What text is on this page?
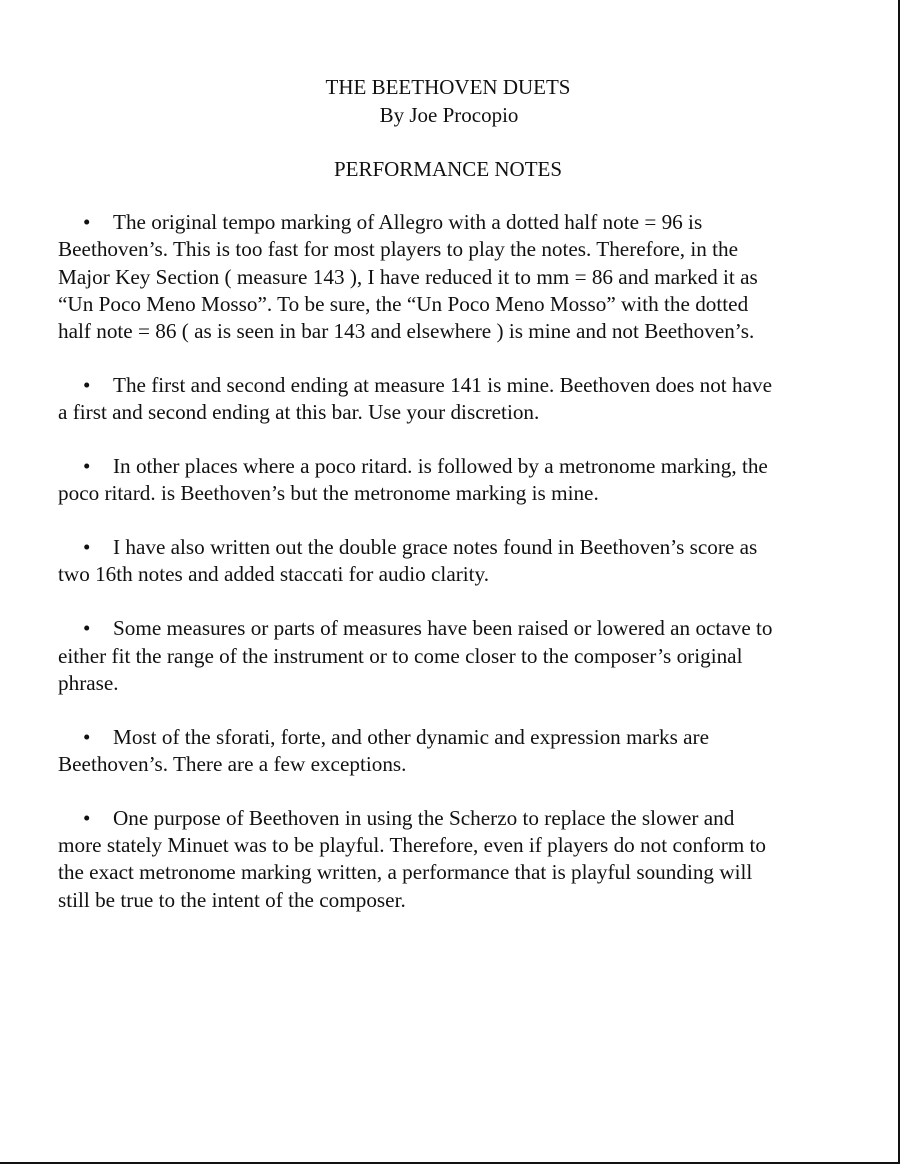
THE BEETHOVEN DUETS
By Joe Procopio
PERFORMANCE NOTES
• The original tempo marking of Allegro with a dotted half note = 96 is
Beethoven’s. This is too fast for most players to play the notes. Therefore, in the
Major Key Section ( measure 143 ), I have reduced it to mm = 86 and marked it as
“Un Poco Meno Mosso”. To be sure, the “Un Poco Meno Mosso” with the dotted
half note = 86 ( as is seen in bar 143 and elsewhere ) is mine and not Beethoven’s.
• The first and second ending at measure 141 is mine. Beethoven does not have
a first and second ending at this bar. Use your discretion.
• In other places where a poco ritard. is followed by a metronome marking, the
poco ritard. is Beethoven’s but the metronome marking is mine.
• I have also written out the double grace notes found in Beethoven’s score as
two 16th notes and added staccati for audio clarity.
• Some measures or parts of measures have been raised or lowered an octave to
either fit the range of the instrument or to come closer to the composer’s original
phrase.
• Most of the sforati, forte, and other dynamic and expression marks are
Beethoven’s. There are a few exceptions.
• One purpose of Beethoven in using the Scherzo to replace the slower and
more stately Minuet was to be playful. Therefore, even if players do not conform to
the exact metronome marking written, a performance that is playful sounding will
still be true to the intent of the composer.
